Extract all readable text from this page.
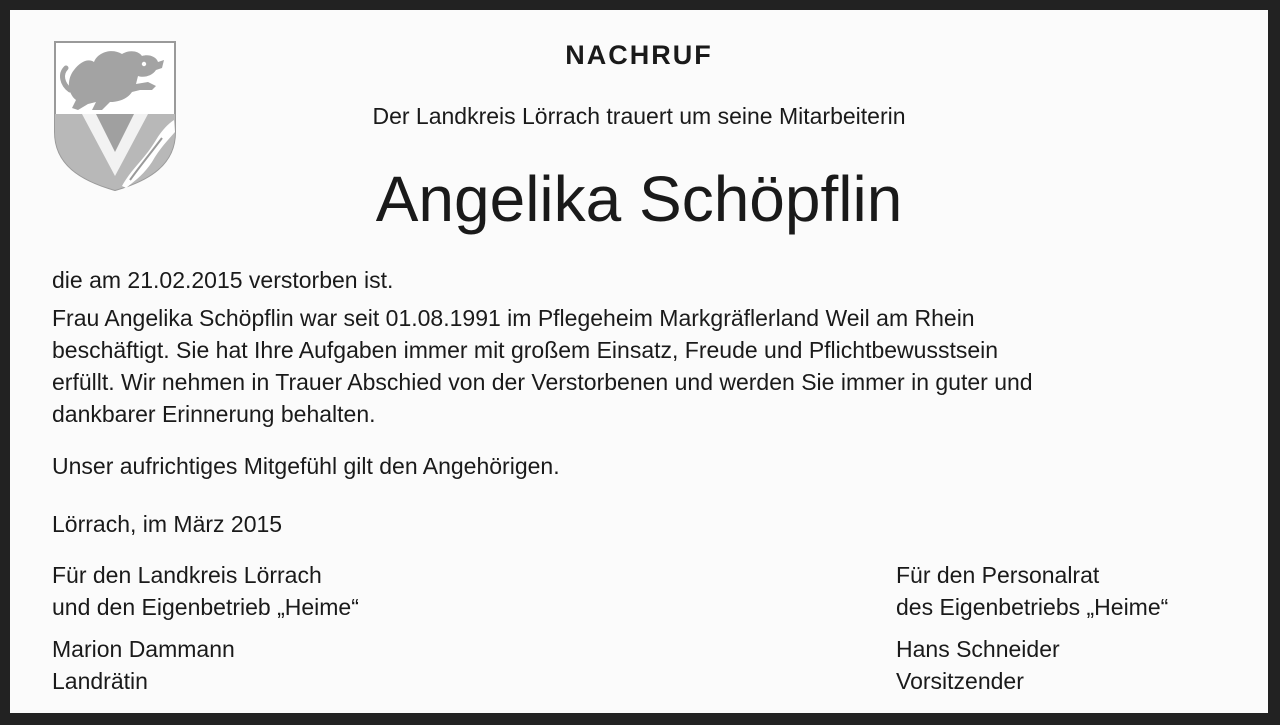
NACHRUF
Der Landkreis Lörrach trauert um seine Mitarbeiterin
Angelika Schöpflin
die am 21.02.2015 verstorben ist.
Frau Angelika Schöpflin war seit 01.08.1991 im Pflegeheim Markgräflerland Weil am Rhein
beschäftigt. Sie hat Ihre Aufgaben immer mit großem Einsatz, Freude und Pflichtbewusstsein
erfüllt. Wir nehmen in Trauer Abschied von der Verstorbenen und werden Sie immer in guter und
dankbarer Erinnerung behalten.
Unser aufrichtiges Mitgefühl gilt den Angehörigen.
Lörrach, im März 2015
Für den Landkreis Lörrach
und den Eigenbetrieb „Heime“
Marion Dammann
Landrätin
Für den Personalrat
des Eigenbetriebs „Heime“
Hans Schneider
Vorsitzender
